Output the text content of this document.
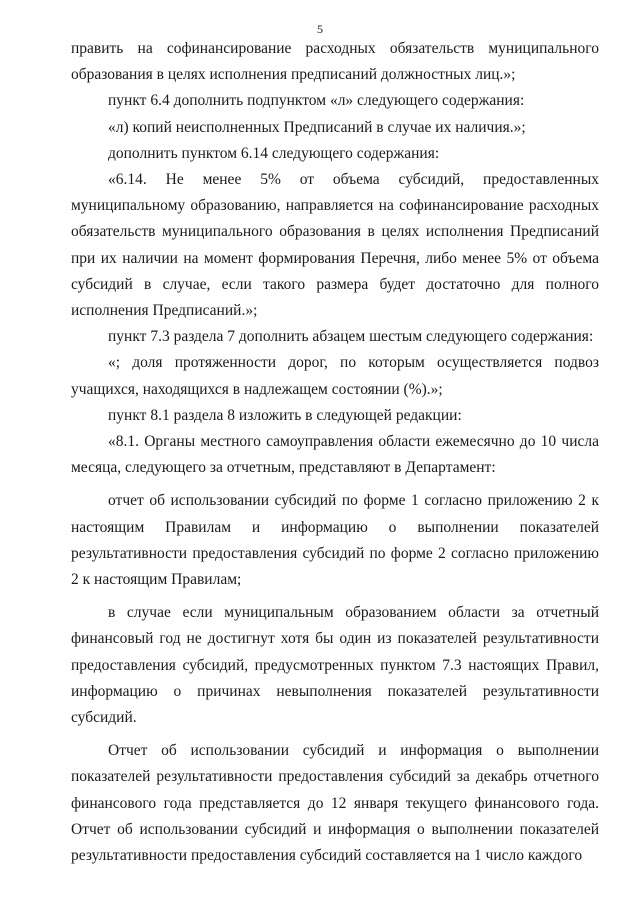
5

править на софинансирование расходных обязательств муниципального образования в целях исполнения предписаний должностных лиц.»;

пункт 6.4 дополнить подпунктом «л» следующего содержания:

«л) копий неисполненных Предписаний в случае их наличия.»;

дополнить пунктом 6.14 следующего содержания:

«6.14. Не менее 5% от объема субсидий, предоставленных муниципальному образованию, направляется на софинансирование расходных обязательств муниципального образования в целях исполнения Предписаний при их наличии на момент формирования Перечня, либо менее 5% от объема субсидий в случае, если такого размера будет достаточно для полного исполнения Предписаний.»;

пункт 7.3 раздела 7 дополнить абзацем шестым следующего содержания:

«; доля протяженности дорог, по которым осуществляется подвоз учащихся, находящихся в надлежащем состоянии (%).»;

пункт 8.1 раздела 8 изложить в следующей редакции:

«8.1. Органы местного самоуправления области ежемесячно до 10 числа месяца, следующего за отчетным, представляют в Департамент:

отчет об использовании субсидий по форме 1 согласно приложению 2 к настоящим Правилам и информацию о выполнении показателей результативности предоставления субсидий по форме 2 согласно приложению 2 к настоящим Правилам;

в случае если муниципальным образованием области за отчетный финансовый год не достигнут хотя бы один из показателей результативности предоставления субсидий, предусмотренных пунктом 7.3 настоящих Правил, информацию о причинах невыполнения показателей результативности субсидий.

Отчет об использовании субсидий и информация о выполнении показателей результативности предоставления субсидий за декабрь отчетного финансового года представляется до 12 января текущего финансового года. Отчет об использовании субсидий и информация о выполнении показателей результативности предоставления субсидий составляется на 1 число каждого
